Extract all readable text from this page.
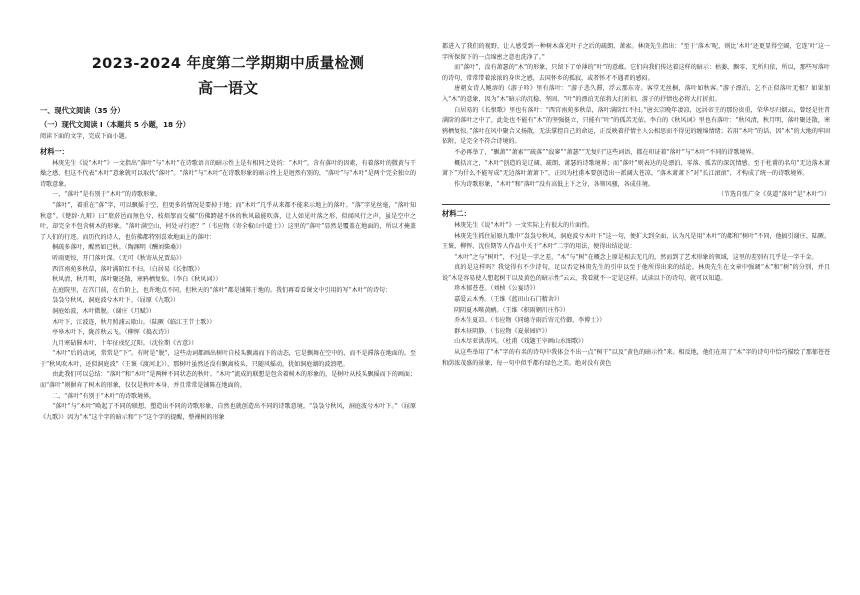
2023-2024 年度第二学期期中质量检测
高一语文
一、现代文阅读（35 分）
（一）现代文阅读 I（本题共 5 小题，18 分）

阅读下面的文字，完成下面小题。

材料一：

林庚先生《说“木叶”》一文指出“落叶”与“木叶”在诗歌语言的暗示性上是有相同之处的：“木叶”，含有落叶的因素，有着落叶的微黄与干燥之感，但这不代表“木叶”意象就可以取代“落叶”。“落叶”与“木叶”在诗歌形象的暗示性上是迥然有别的，“落叶”与“木叶”是两个完全独立的诗歌意象。

一、“落叶”是有别于“木叶”的诗歌形象。

“落叶”，着重在“落”字，可以飘摇于空，但更多的情况是要掉于地；而“木叶”几乎从来都不能来示地上的落叶。“落”字见丝毫，“落叶知秋意”。《楚辞·九辩》曰“葉菸邑而無色兮，枝煩挐而交橫”仿佛跨越不休的秋风最能吹落，让人如见叶落之形，似闻风行之声，虽是空中之叶，却完全不包含树木的形象。“落叶满空山，何处寻行迹？”（韦应物《寄全椒山中道士》）这里的“落叶”显然是覆盖在地面的，所以才掩盖了人们的行迹。而历代的诗人，也仿佛都特别喜欢地面上的落叶：

桐疏多落叶，醒然如已秋。（陶渊明《酬刘柴桑》）

听雨更惊，开门落叶深。（无可《秋寄从兄贾岛》）

西宫南苑多秋草，落叶满阶红不扫。（白居易《长恨歌》）

秋风清，秋月明，落叶聚还散，寒鸦栖复惊。（李白《秋风词》）

在庭院里，在宫门前，在台阶上，也许地点不同，但秋天的“落叶”都是铺陈于地的。我们再看看课文中引用的写“木叶”的诗句：

袅袅兮秋风，洞庭波兮木叶下。（屈原《九歌》）

洞庭始波，木叶微脱。（谢庄《月赋》）

木叶下，江波连，秋月照浦云歇山。（陆厥《临江王节士歌》）

亭皋木叶下，陇首秋云飞。（柳恽《捣衣诗》）

九月寒砧催木叶，十年征戍忆辽阳。（沈佺期《古意》）

“木叶”后的动词，常常是“下”。有时是“脱”，这些动词都画出树叶自枝头飘离而下的动态，它是飘舞在空中的，而不是滞落在地面的。至于“秋风吹木叶，还似洞庭波”（王褒《渡河北》），那树叶虽然还没有飘离枝头，只随风摇动，犹如洞庭湖的波浪吧。

由此我们可以总结：“落叶”和“木叶”是两种不同状态的秋叶。“木叶”流成的联想是包含着树木的形象的，是树叶从枝头飘摇而下的画面；而“落叶”则摒弃了树木的形象，仅仅是秋叶本身，并且常常是铺陈在地面的。

二、“落叶”有别于“木叶”的诗歌境界。

“落叶”与“木叶”唤起了不同的联想，塑造出不同的诗歌形象，自然也就创造出不同的诗歌意境。“袅袅兮秋风，洞庭波兮木叶下。”（屈原《九歌》）因为“木”这个字的暗示和“下”这个字的提醒，整裸树的形象

都进入了我们的视野，让人感受到一种树木落光叶子之后的疏朗、萧索。林庚先生指出：“至于‘落木’呢，则比‘木叶’还更显得空阔，它连‘叶’这一字所保留下的一点绵密之意也洗净了。”

而“落叶”，没有萧瑟的“木”的形象，只留下了单薄的“叶”的意蕴。它们向我们传达着这样的暗示：枯萎、飘零、无所归依，所以，那些写落叶的诗句，常常带着浓浓的身世之感，去国怀乡的孤寂，或者怀才不遇者的感闷。

唐朝女诗人鲍溶的《游子吟》里有落叶：“游子悲久滞，浮云那东寄。客堂无丝桐，落叶如秋客。”游子漂泊，乞不正似落叶无根？如果加入“木”的意象，因为“木”暗示的沉稳、坚固，“叶”的漂泊无依将大打折扣，游子的抒情也必将大打折扣。

白居易的《长恨歌》里也有落叶：“西宫南苑多秋草，落叶满阶红不扫。”唐玄宗晚年凄凉，远居帝王的那份贵重，荣华尽归烟云，曾经是往昔满阶的落叶之中了，此处也不能有“木”的坚强挺立，只能有“叶”的孤苦无依。李白的《秋风词》里也有落叶：“秋风清，秋月明，落叶聚还散，寒鸦栖复惊。”落叶在风中聚合又扬散，无法掌控自己的命运，正反映着抒情主人公相思而不得见的缠绵情绪；若用“木叶”的话，因“木”的大地的牢固依附，是完全不符合诗境的。

不必再举了，“飘萧”“萧索”“疏落”“寂寥”“萧瑟”“无复归”这些词语，都在印证着“落叶”与“木叶”不同的诗歌境界。

概括言之，“木叶”创造的是辽阔、疏朗、萧瑟的诗歌境界；而“落叶”则表达的是漂泊、零落、孤苦的深沉情感。至于杜甫的名句“无边落木萧萧下”为什么不能写成“无边落叶萧萧下”，正因为杜甫本要创造出一派阔大苍凉，“落木萧萧下”对“长江滚滚”，才构成了统一的诗歌境界。

作为诗歌形象，“木叶”和“落叶”没有高低上下之分，各领风骚，各成佳境。

（节选自张广全《莫道“落叶”是“木叶”》）

材料二：

林庚先生《说“木叶”》一文实际上有很大的片面性。

林庚先生抓住屈原九歌中“袅袅兮秋风，洞庭波兮木叶下”这一句，便扩大到全面，认为凡是用“木叶”的都和“树叶”不同，他搞引谢庄、陆厥、王褒、柳恽、沈佺期等人作品中关于“木叶”二字的用法，便得出结论说：

“木叶”之与“树叶”，不过是一字之差，“木”与“树”在概念上原是相去无几的，然而到了艺术形象的领域，这里的差别有几乎是一字千金。

真的是这样吗？我觉得有不少诗句，足以否定林庚先生的引申以至于他所得出来的结论。林庚先生在文章中强调“木”和“树”的分别，并且说“木是容易使人想起树干以及黄色的暗示性”云云，我看就不一定是这样。试读以下的诗句，就可以知道。

珍木郁苍苍。（刘桢《公宴诗》）

嘉爱云木秀。（王维《蓝田山石门精舍》）

阴阴夏木啭黄鹂。（王维《积雨辋川庄作》）

乔木生夏凉。（韦应物《同德寺雨后寄元侍御、李博士》）

群木昼阴静。（韦应物《夏景园庐》）

山木尽亚洪涛风。（杜甫《戏题王宰画山水图歌》）

从这些举用了“木”字的有名的诗句中我体会不出一点“树干”以及“黄色的暗示性”来。相反地，他们在用了“木”字的诗句中恰巧描绘了那郁苍苍和荫浓茂盛的景象，每一句中似乎都有绿色之美。绝对没有黄色
